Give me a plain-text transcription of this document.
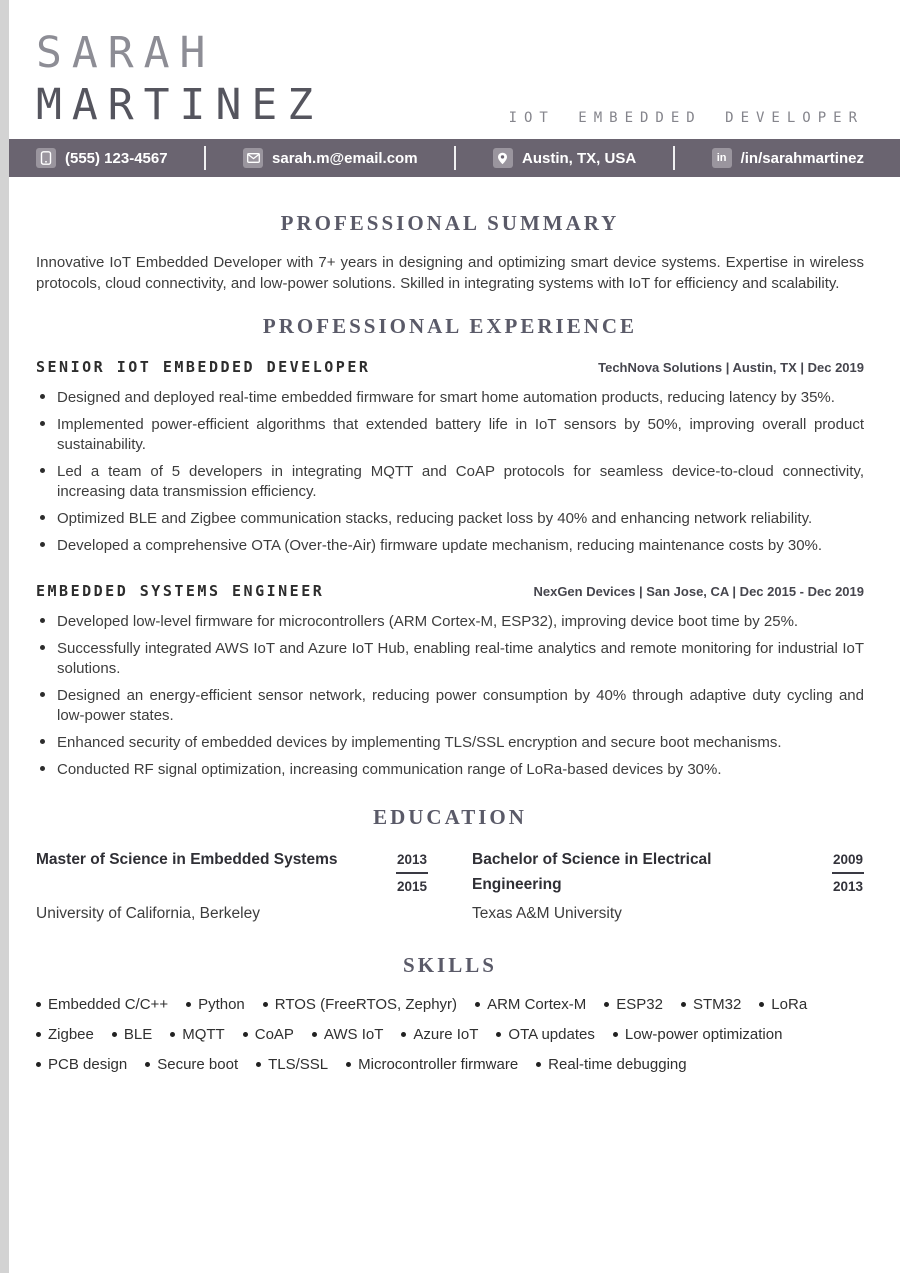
SARAH
MARTINEZ	IOT EMBEDDED DEVELOPER
(555) 123-4567	sarah.m@email.com	Austin, TX, USA	in /in/sarahmartinez
PROFESSIONAL SUMMARY

Innovative IoT Embedded Developer with 7+ years in designing and optimizing smart device systems. Expertise in wireless protocols, cloud connectivity, and low-power solutions. Skilled in integrating systems with IoT for efficiency and scalability.

PROFESSIONAL EXPERIENCE
SENIOR IOT EMBEDDED DEVELOPER	TechNova Solutions | Austin, TX | Dec 2019
Designed and deployed real-time embedded firmware for smart home automation products, reducing latency by 35%.
Implemented power-efficient algorithms that extended battery life in IoT sensors by 50%, improving overall product sustainability.
Led a team of 5 developers in integrating MQTT and CoAP protocols for seamless device-to-cloud connectivity, increasing data transmission efficiency.
Optimized BLE and Zigbee communication stacks, reducing packet loss by 40% and enhancing network reliability.
Developed a comprehensive OTA (Over-the-Air) firmware update mechanism, reducing maintenance costs by 30%.
EMBEDDED SYSTEMS ENGINEER	NexGen Devices | San Jose, CA | Dec 2015 - Dec 2019
Developed low-level firmware for microcontrollers (ARM Cortex-M, ESP32), improving device boot time by 25%.
Successfully integrated AWS IoT and Azure IoT Hub, enabling real-time analytics and remote monitoring for industrial IoT solutions.
Designed an energy-efficient sensor network, reducing power consumption by 40% through adaptive duty cycling and low-power states.
Enhanced security of embedded devices by implementing TLS/SSL encryption and secure boot mechanisms.
Conducted RF signal optimization, increasing communication range of LoRa-based devices by 30%.
EDUCATION
Master of Science in Embedded Systems	2013
2015
University of California, Berkeley
Bachelor of Science in Electrical Engineering
2009
2013
Texas A&M University
SKILLS
Embedded C/C++ Python RTOS (FreeRTOS, Zephyr) ARM Cortex-M ESP32 STM32 LoRa
Zigbee BLE MQTT CoAP AWS IoT Azure IoT OTA updates Low-power optimization
PCB design Secure boot TLS/SSL Microcontroller firmware Real-time debugging
